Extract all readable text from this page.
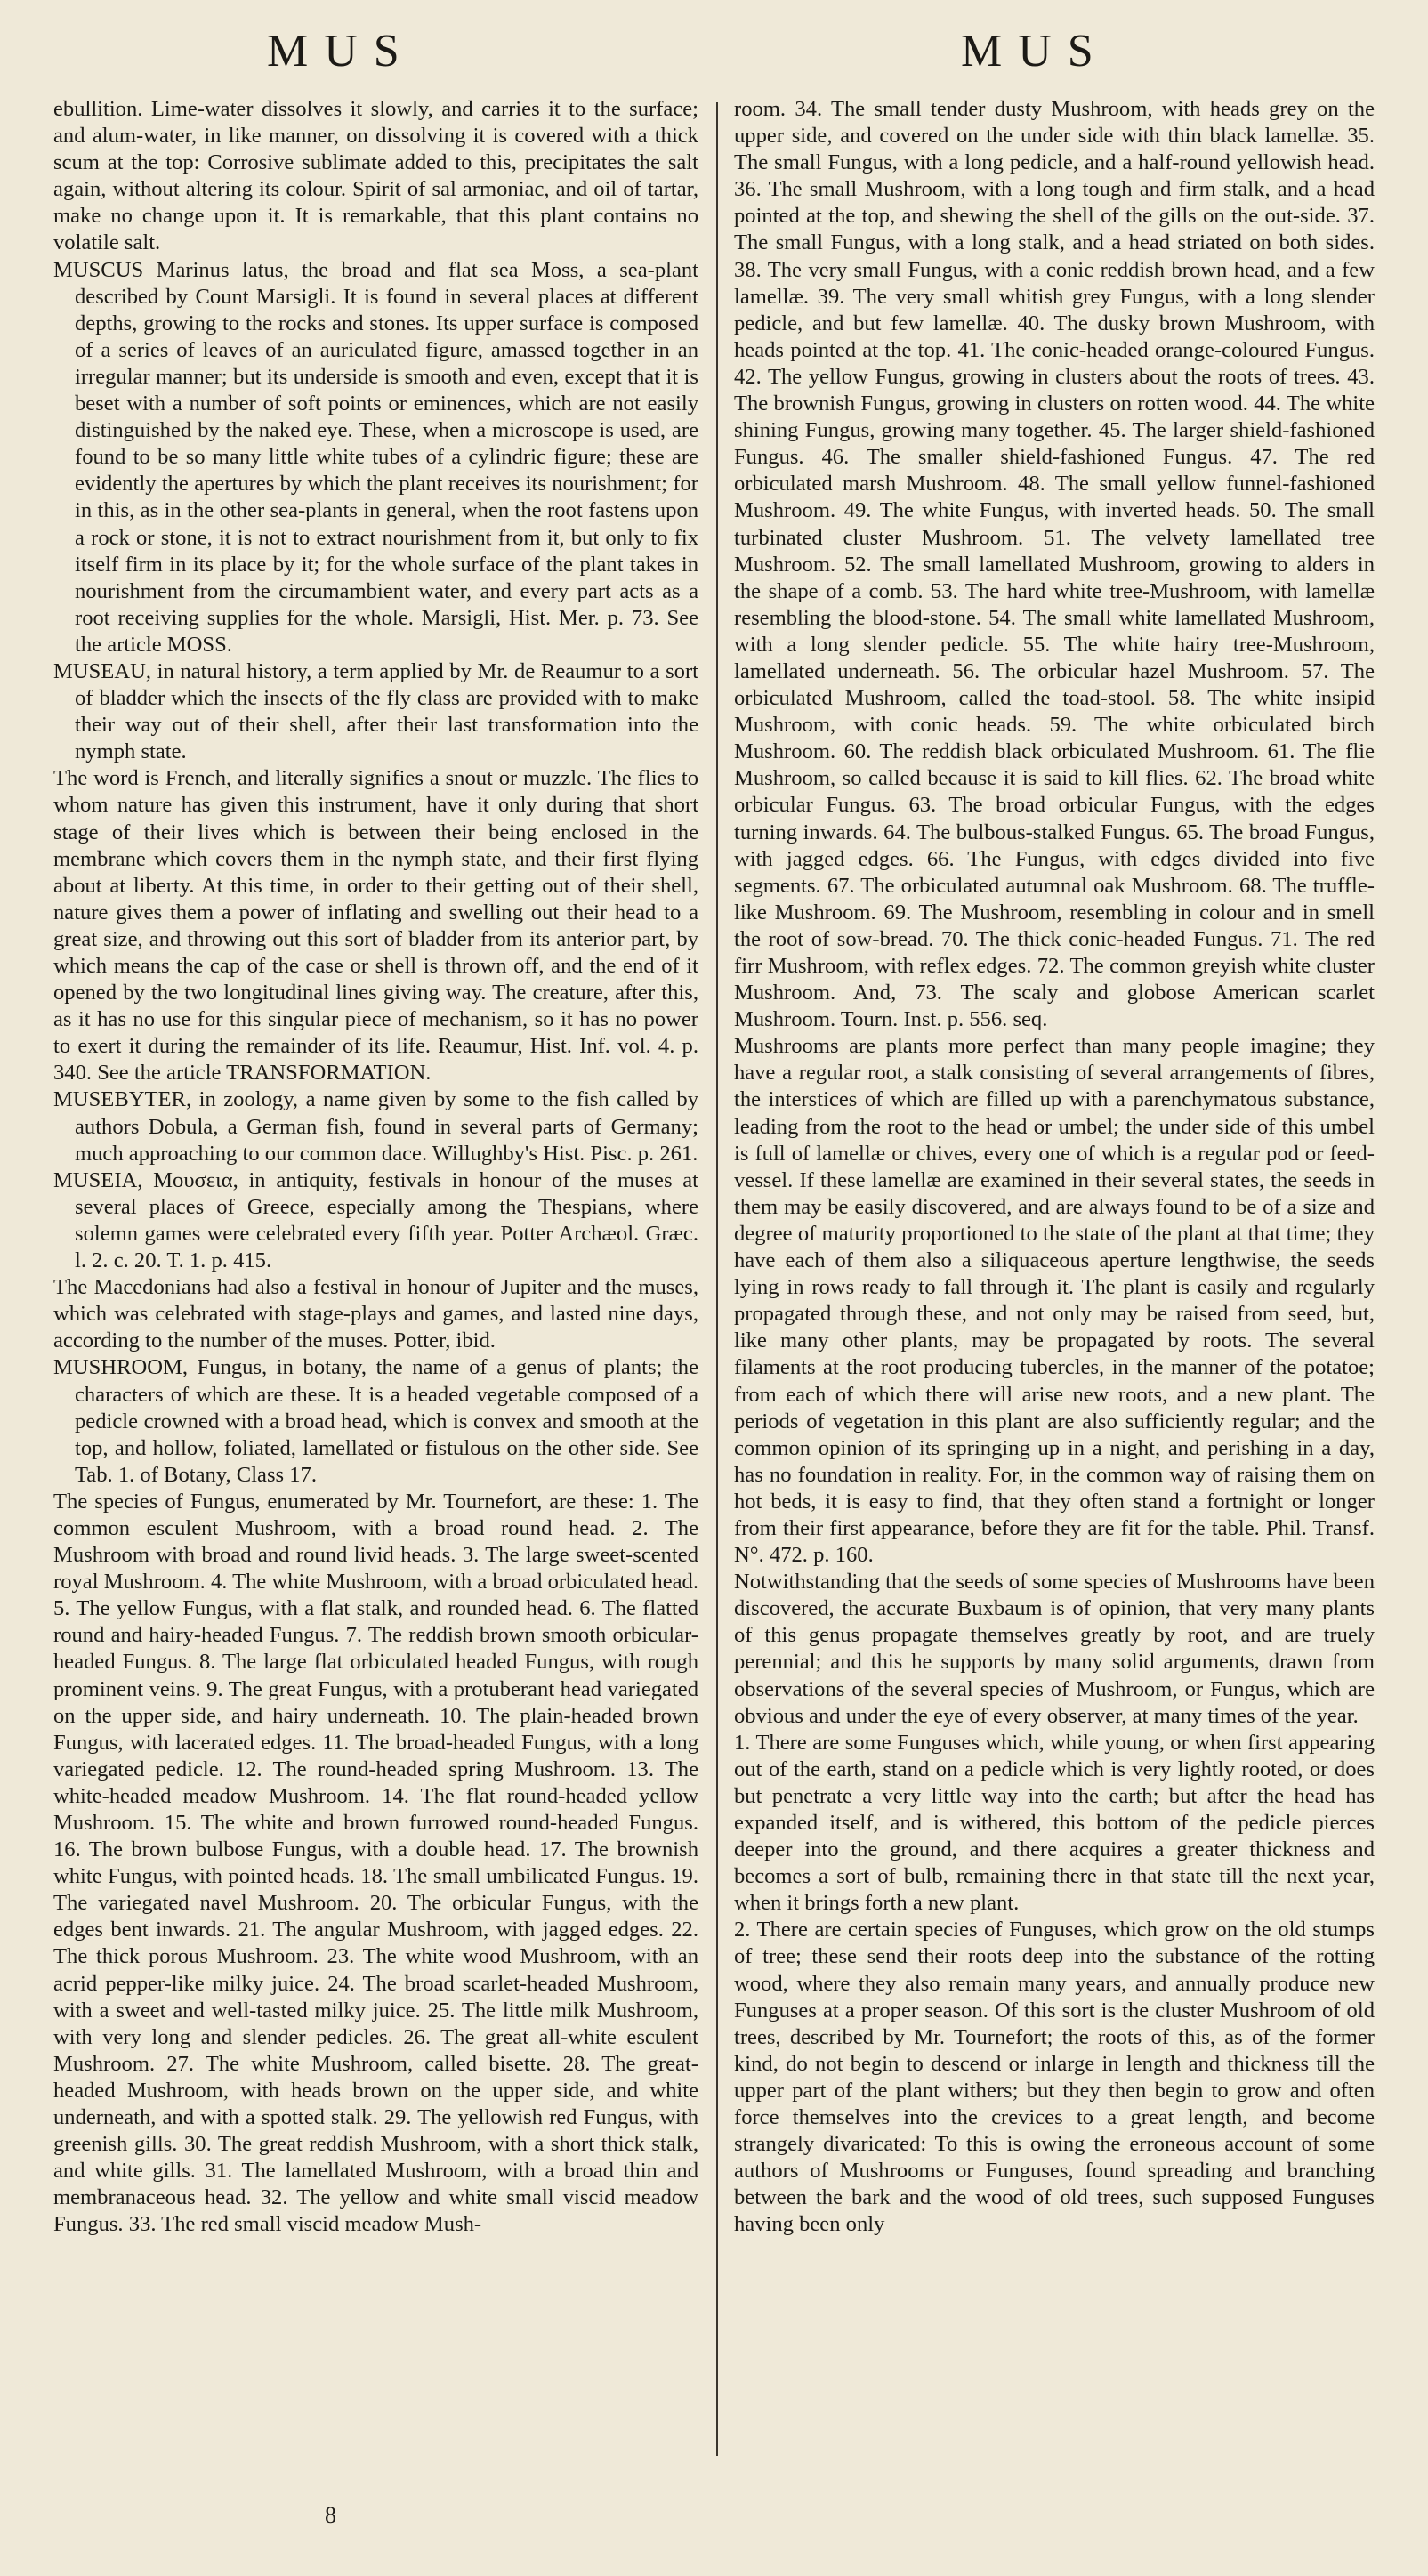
MUS	MUS

ebullition. Lime-water dissolves it slowly, and carries it to the surface; and alum-water, in like manner, on dissolving it is covered with a thick scum at the top: Corrosive sublimate added to this, precipitates the salt again, without altering its colour. Spirit of sal armoniac, and oil of tartar, make no change upon it. It is remarkable, that this plant contains no volatile salt.

MUSCUS Marinus latus, the broad and flat sea Moss, a sea-plant described by Count Marsigli. It is found in several places at different depths, growing to the rocks and stones. Its upper surface is composed of a series of leaves of an auriculated figure, amassed together in an irregular manner; but its underside is smooth and even, except that it is beset with a number of soft points or eminences, which are not easily distinguished by the naked eye. These, when a microscope is used, are found to be so many little white tubes of a cylindric figure; these are evidently the apertures by which the plant receives its nourishment; for in this, as in the other sea-plants in general, when the root fastens upon a rock or stone, it is not to extract nourishment from it, but only to fix itself firm in its place by it; for the whole surface of the plant takes in nourishment from the circumambient water, and every part acts as a root receiving supplies for the whole. Marsigli, Hist. Mer. p. 73. See the article MOSS.

MUSEAU, in natural history, a term applied by Mr. de Reaumur to a sort of bladder which the insects of the fly class are provided with to make their way out of their shell, after their last transformation into the nymph state.

The word is French, and literally signifies a snout or muzzle. The flies to whom nature has given this instrument, have it only during that short stage of their lives which is between their being enclosed in the membrane which covers them in the nymph state, and their first flying about at liberty. At this time, in order to their getting out of their shell, nature gives them a power of inflating and swelling out their head to a great size, and throwing out this sort of bladder from its anterior part, by which means the cap of the case or shell is thrown off, and the end of it opened by the two longitudinal lines giving way. The creature, after this, as it has no use for this singular piece of mechanism, so it has no power to exert it during the remainder of its life. Reaumur, Hist. Inf. vol. 4. p. 340. See the article TRANSFORMATION.

MUSEBYTER, in zoology, a name given by some to the fish called by authors Dobula, a German fish, found in several parts of Germany; much approaching to our common dace. Willughby's Hist. Pisc. p. 261.

MUSEIA, Μουσεια, in antiquity, festivals in honour of the muses at several places of Greece, especially among the Thespians, where solemn games were celebrated every fifth year. Potter Archæol. Græc. l. 2. c. 20. T. 1. p. 415.

The Macedonians had also a festival in honour of Jupiter and the muses, which was celebrated with stage-plays and games, and lasted nine days, according to the number of the muses. Potter, ibid.

MUSHROOM, Fungus, in botany, the name of a genus of plants; the characters of which are these. It is a headed vegetable composed of a pedicle crowned with a broad head, which is convex and smooth at the top, and hollow, foliated, lamellated or fistulous on the other side. See Tab. 1. of Botany, Class 17.

The species of Fungus, enumerated by Mr. Tournefort, are these: 1. The common esculent Mushroom, with a broad round head. 2. The Mushroom with broad and round livid heads. 3. The large sweet-scented royal Mushroom. 4. The white Mushroom, with a broad orbiculated head. 5. The yellow Fungus, with a flat stalk, and rounded head. 6. The flatted round and hairy-headed Fungus. 7. The reddish brown smooth orbicular-headed Fungus. 8. The large flat orbiculated headed Fungus, with rough prominent veins. 9. The great Fungus, with a protuberant head variegated on the upper side, and hairy underneath. 10. The plain-headed brown Fungus, with lacerated edges. 11. The broad-headed Fungus, with a long variegated pedicle. 12. The round-headed spring Mushroom. 13. The white-headed meadow Mushroom. 14. The flat round-headed yellow Mushroom. 15. The white and brown furrowed round-headed Fungus. 16. The brown bulbose Fungus, with a double head. 17. The brownish white Fungus, with pointed heads. 18. The small umbilicated Fungus. 19. The variegated navel Mushroom. 20. The orbicular Fungus, with the edges bent inwards. 21. The angular Mushroom, with jagged edges. 22. The thick porous Mushroom. 23. The white wood Mushroom, with an acrid pepper-like milky juice. 24. The broad scarlet-headed Mushroom, with a sweet and well-tasted milky juice. 25. The little milk Mushroom, with very long and slender pedicles. 26. The great all-white esculent Mushroom. 27. The white Mushroom, called bisette. 28. The great-headed Mushroom, with heads brown on the upper side, and white underneath, and with a spotted stalk. 29. The yellowish red Fungus, with greenish gills. 30. The great reddish Mushroom, with a short thick stalk, and white gills. 31. The lamellated Mushroom, with a broad thin and membranaceous head. 32. The yellow and white small viscid meadow Fungus. 33. The red small viscid meadow Mush-

room. 34. The small tender dusty Mushroom, with heads grey on the upper side, and covered on the under side with thin black lamellæ. 35. The small Fungus, with a long pedicle, and a half-round yellowish head. 36. The small Mushroom, with a long tough and firm stalk, and a head pointed at the top, and shewing the shell of the gills on the out-side. 37. The small Fungus, with a long stalk, and a head striated on both sides. 38. The very small Fungus, with a conic reddish brown head, and a few lamellæ. 39. The very small whitish grey Fungus, with a long slender pedicle, and but few lamellæ. 40. The dusky brown Mushroom, with heads pointed at the top. 41. The conic-headed orange-coloured Fungus. 42. The yellow Fungus, growing in clusters about the roots of trees. 43. The brownish Fungus, growing in clusters on rotten wood. 44. The white shining Fungus, growing many together. 45. The larger shield-fashioned Fungus. 46. The smaller shield-fashioned Fungus. 47. The red orbiculated marsh Mushroom. 48. The small yellow funnel-fashioned Mushroom. 49. The white Fungus, with inverted heads. 50. The small turbinated cluster Mushroom. 51. The velvety lamellated tree Mushroom. 52. The small lamellated Mushroom, growing to alders in the shape of a comb. 53. The hard white tree-Mushroom, with lamellæ resembling the blood-stone. 54. The small white lamellated Mushroom, with a long slender pedicle. 55. The white hairy tree-Mushroom, lamellated underneath. 56. The orbicular hazel Mushroom. 57. The orbiculated Mushroom, called the toad-stool. 58. The white insipid Mushroom, with conic heads. 59. The white orbiculated birch Mushroom. 60. The reddish black orbiculated Mushroom. 61. The flie Mushroom, so called because it is said to kill flies. 62. The broad white orbicular Fungus. 63. The broad orbicular Fungus, with the edges turning inwards. 64. The bulbous-stalked Fungus. 65. The broad Fungus, with jagged edges. 66. The Fungus, with edges divided into five segments. 67. The orbiculated autumnal oak Mushroom. 68. The truffle-like Mushroom. 69. The Mushroom, resembling in colour and in smell the root of sow-bread. 70. The thick conic-headed Fungus. 71. The red firr Mushroom, with reflex edges. 72. The common greyish white cluster Mushroom. And, 73. The scaly and globose American scarlet Mushroom. Tourn. Inst. p. 556. seq.

Mushrooms are plants more perfect than many people imagine; they have a regular root, a stalk consisting of several arrangements of fibres, the interstices of which are filled up with a parenchymatous substance, leading from the root to the head or umbel; the under side of this umbel is full of lamellæ or chives, every one of which is a regular pod or feed-vessel. If these lamellæ are examined in their several states, the seeds in them may be easily discovered, and are always found to be of a size and degree of maturity proportioned to the state of the plant at that time; they have each of them also a siliquaceous aperture lengthwise, the seeds lying in rows ready to fall through it. The plant is easily and regularly propagated through these, and not only may be raised from seed, but, like many other plants, may be propagated by roots. The several filaments at the root producing tubercles, in the manner of the potatoe; from each of which there will arise new roots, and a new plant. The periods of vegetation in this plant are also sufficiently regular; and the common opinion of its springing up in a night, and perishing in a day, has no foundation in reality. For, in the common way of raising them on hot beds, it is easy to find, that they often stand a fortnight or longer from their first appearance, before they are fit for the table. Phil. Transf. N°. 472. p. 160.

Notwithstanding that the seeds of some species of Mushrooms have been discovered, the accurate Buxbaum is of opinion, that very many plants of this genus propagate themselves greatly by root, and are truely perennial; and this he supports by many solid arguments, drawn from observations of the several species of Mushroom, or Fungus, which are obvious and under the eye of every observer, at many times of the year.

1. There are some Funguses which, while young, or when first appearing out of the earth, stand on a pedicle which is very lightly rooted, or does but penetrate a very little way into the earth; but after the head has expanded itself, and is withered, this bottom of the pedicle pierces deeper into the ground, and there acquires a greater thickness and becomes a sort of bulb, remaining there in that state till the next year, when it brings forth a new plant.

2. There are certain species of Funguses, which grow on the old stumps of tree; these send their roots deep into the substance of the rotting wood, where they also remain many years, and annually produce new Funguses at a proper season. Of this sort is the cluster Mushroom of old trees, described by Mr. Tournefort; the roots of this, as of the former kind, do not begin to descend or inlarge in length and thickness till the upper part of the plant withers; but they then begin to grow and often force themselves into the crevices to a great length, and become strangely divaricated: To this is owing the erroneous account of some authors of Mushrooms or Funguses, found spreading and branching between the bark and the wood of old trees, such supposed Funguses having been only

8
